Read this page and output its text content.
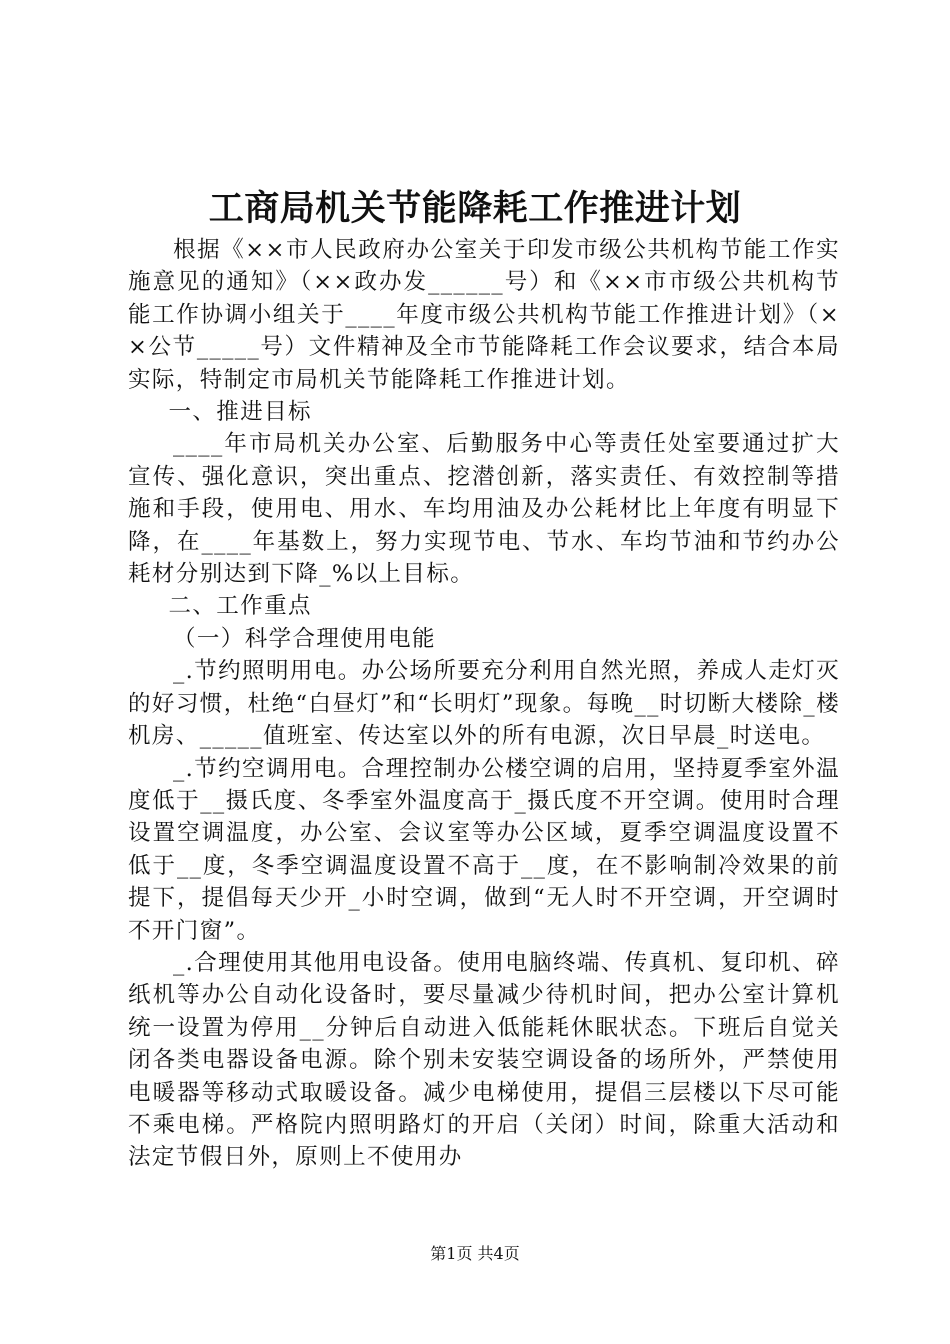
工商局机关节能降耗工作推进计划

根据《××市人民政府办公室关于印发市级公共机构节能工作实施意见的通知》（××政办发______号）和《××市市级公共机构节能工作协调小组关于____年度市级公共机构节能工作推进计划》（××公节_____号）文件精神及全市节能降耗工作会议要求，结合本局实际，特制定市局机关节能降耗工作推进计划。

一、推进目标

____年市局机关办公室、后勤服务中心等责任处室要通过扩大宣传、强化意识，突出重点、挖潜创新，落实责任、有效控制等措施和手段，使用电、用水、车均用油及办公耗材比上年度有明显下降，在____年基数上，努力实现节电、节水、车均节油和节约办公耗材分别达到下降_%以上目标。

二、工作重点

（一）科学合理使用电能

_.节约照明用电。办公场所要充分利用自然光照，养成人走灯灭的好习惯，杜绝“白昼灯”和“长明灯”现象。每晚__时切断大楼除_楼机房、_____值班室、传达室以外的所有电源，次日早晨_时送电。

_.节约空调用电。合理控制办公楼空调的启用，坚持夏季室外温度低于__摄氏度、冬季室外温度高于_摄氏度不开空调。使用时合理设置空调温度，办公室、会议室等办公区域，夏季空调温度设置不低于__度，冬季空调温度设置不高于__度，在不影响制冷效果的前提下，提倡每天少开_小时空调，做到“无人时不开空调，开空调时不开门窗”。

_.合理使用其他用电设备。使用电脑终端、传真机、复印机、碎纸机等办公自动化设备时，要尽量减少待机时间，把办公室计算机统一设置为停用__分钟后自动进入低能耗休眠状态。下班后自觉关闭各类电器设备电源。除个别未安装空调设备的场所外，严禁使用电暖器等移动式取暖设备。减少电梯使用，提倡三层楼以下尽可能不乘电梯。严格院内照明路灯的开启（关闭）时间，除重大活动和法定节假日外，原则上不使用办

第1页 共4页
